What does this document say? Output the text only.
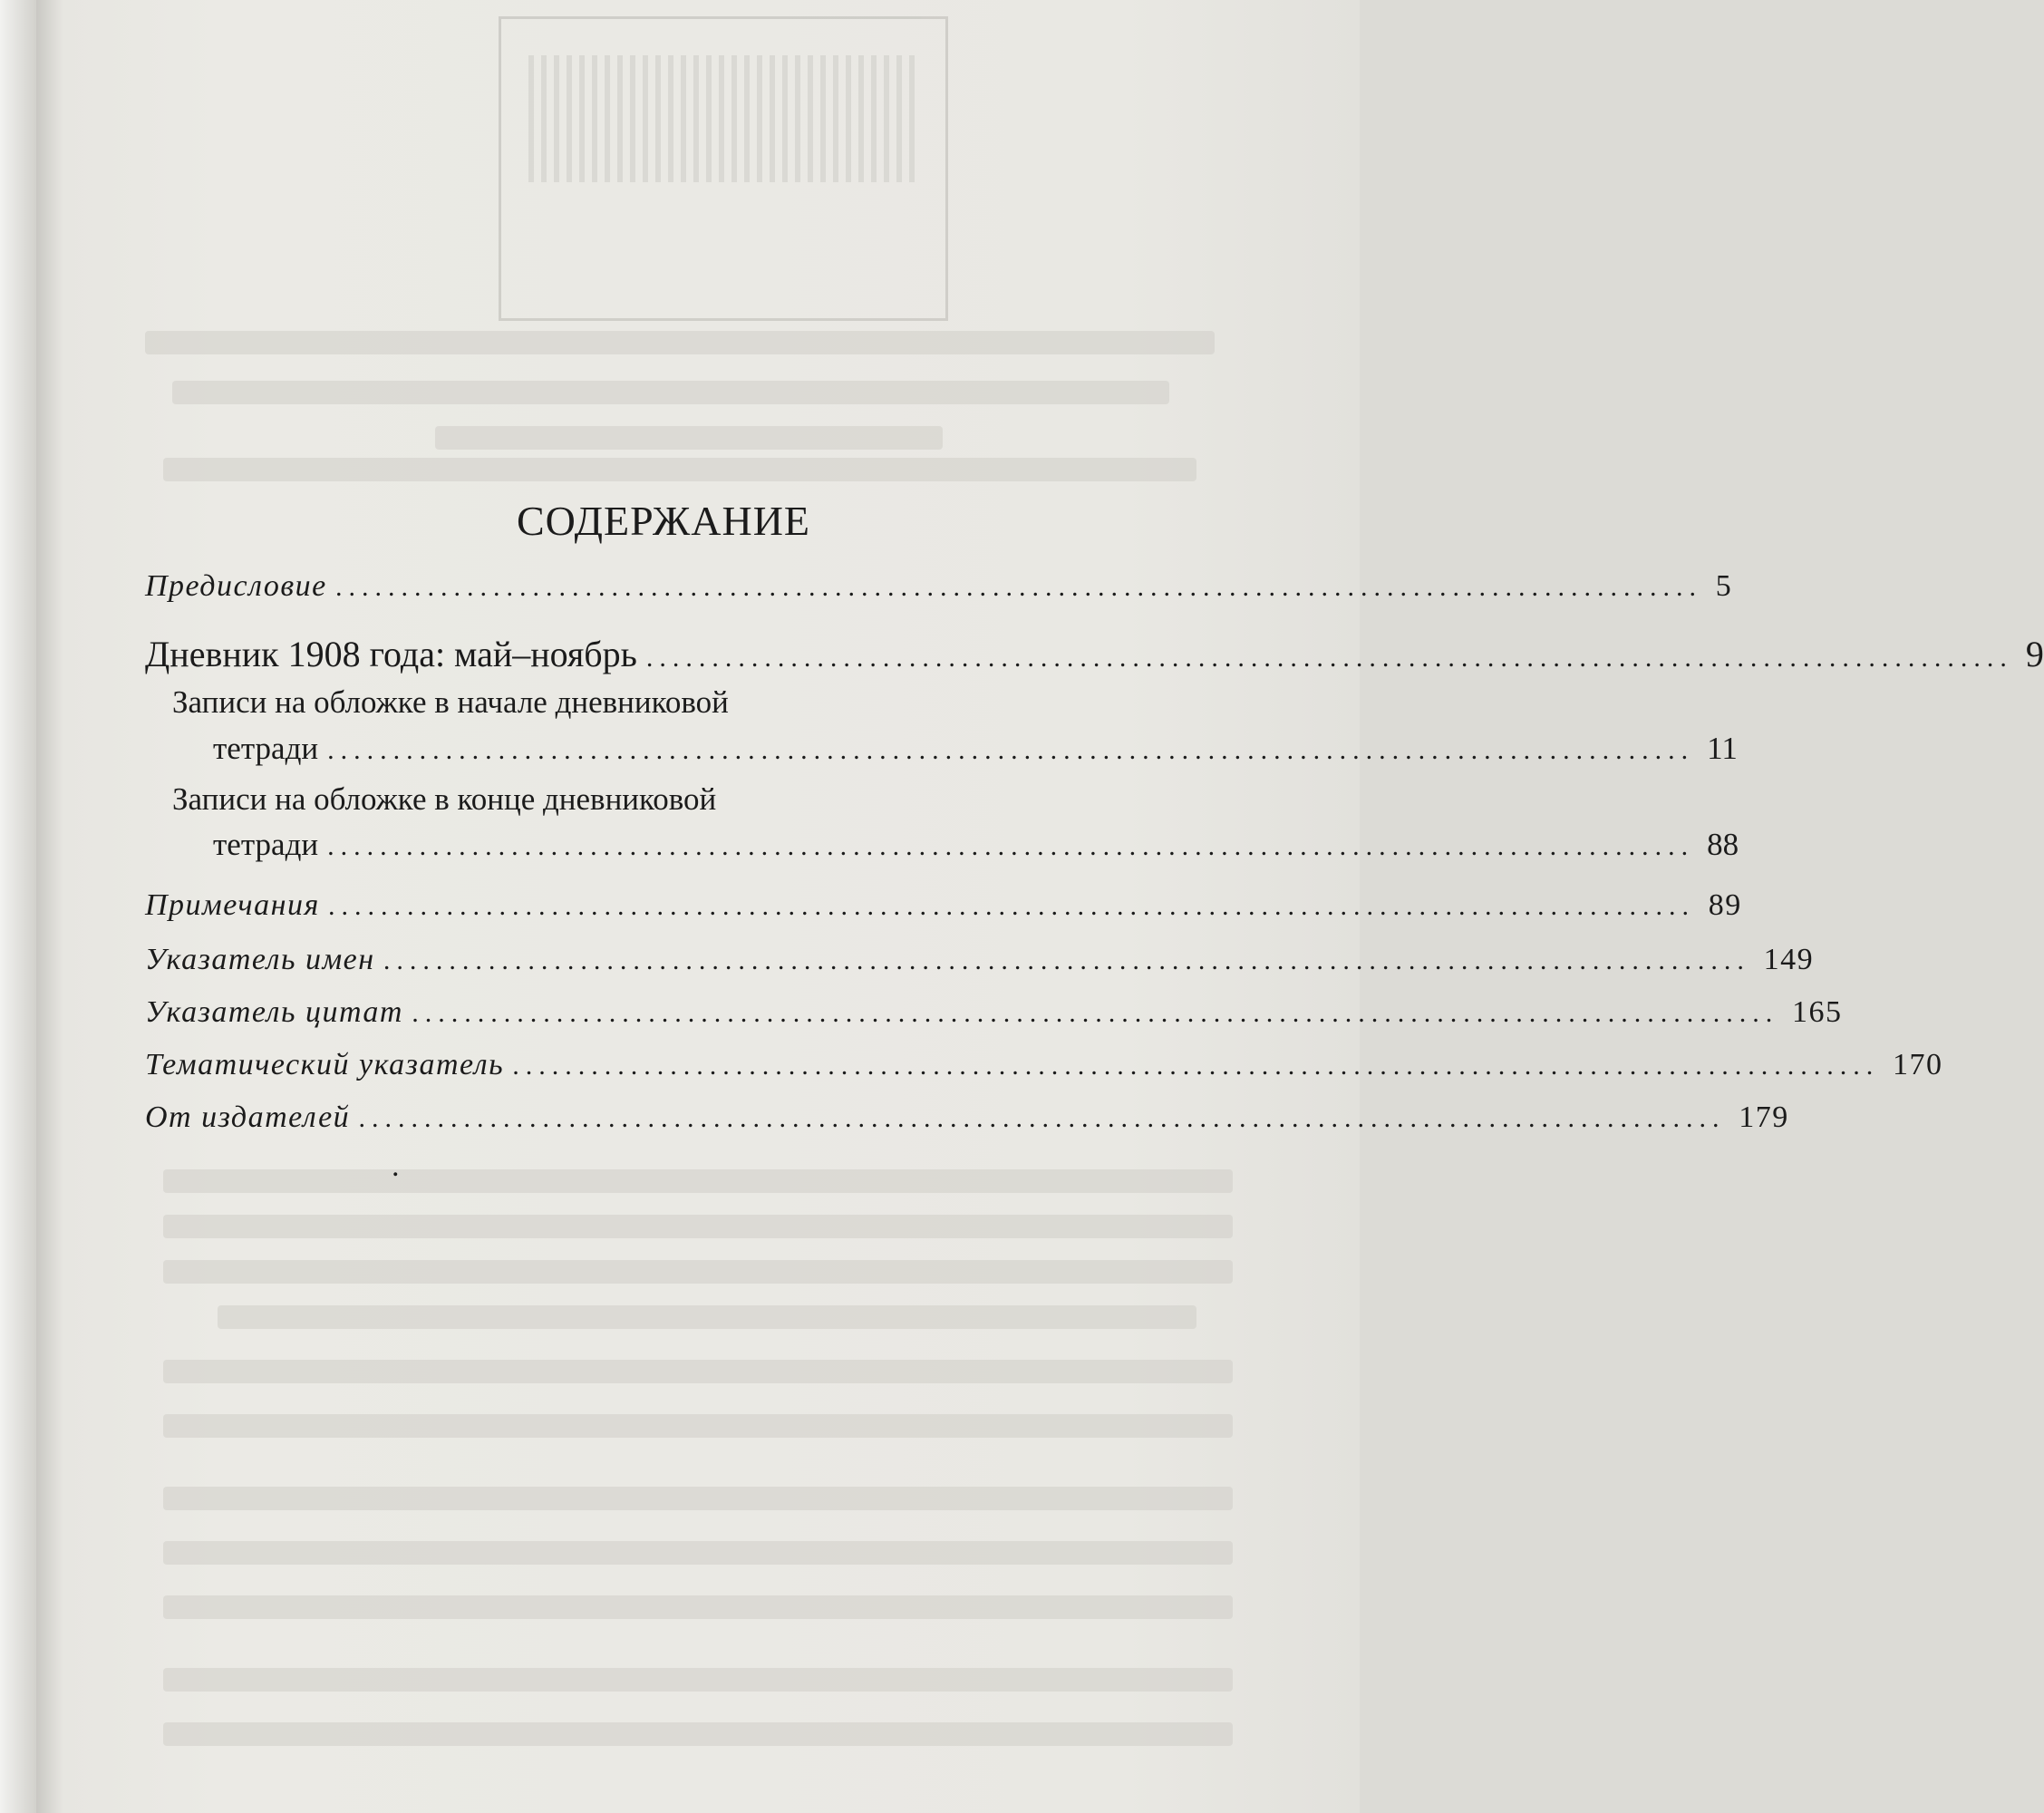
СОДЕРЖАНИЕ
Предисловие ........................................................................................................ 5
Дневник 1908 года: май–ноябрь ........................................................................................................ 9
Записи на обложке в начале дневниковой
тетради ........................................................................................................ 11
Записи на обложке в конце дневниковой
тетради ........................................................................................................ 88
Примечания ........................................................................................................ 89
Указатель имен ........................................................................................................ 149
Указатель цитат ........................................................................................................ 165
Тематический указатель ........................................................................................................ 170
От издателей ........................................................................................................ 179
.
